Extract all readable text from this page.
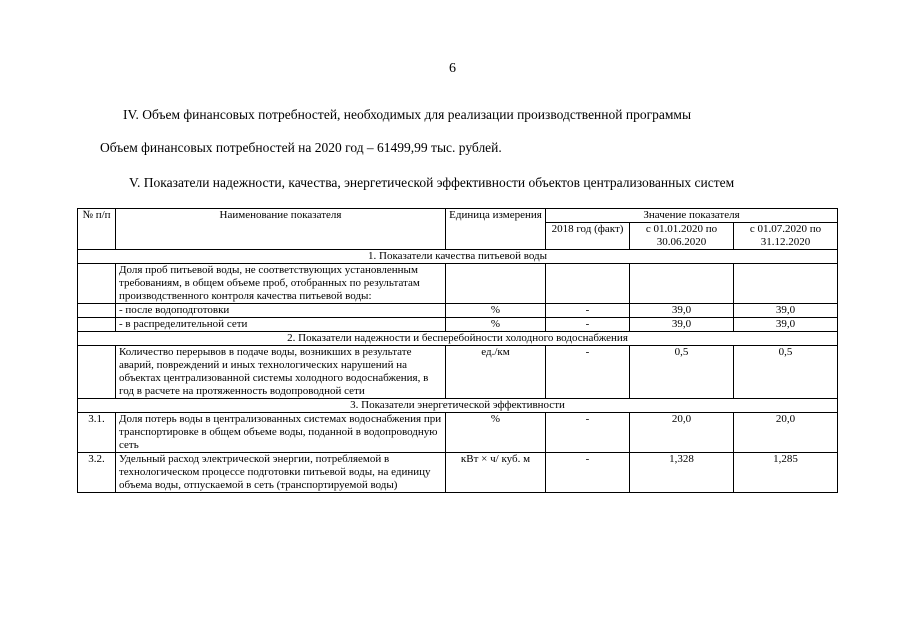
6
IV. Объем финансовых потребностей, необходимых для реализации производственной программы
Объем финансовых потребностей на 2020 год – 61499,99 тыс. рублей.
V. Показатели надежности, качества, энергетической эффективности объектов централизованных систем
№ п/п	Наименование показателя	Единица измерения	Значение показателя		
			2018 год (факт)	с 01.01.2020 по 30.06.2020	с 01.07.2020 по 31.12.2020
1. Показатели качества питьевой воды					
	Доля проб питьевой воды, не соответствующих установленным требованиям, в общем объеме проб, отобранных по результатам производственного контроля качества питьевой воды:				
	- после водоподготовки	%	-	39,0	39,0
	- в распределительной сети	%	-	39,0	39,0
2. Показатели надежности и бесперебойности холодного водоснабжения					
	Количество перерывов в подаче воды, возникших в результате аварий, повреждений и иных технологических нарушений на объектах централизованной системы холодного водоснабжения, в год в расчете на протяженность водопроводной сети	ед./км	-	0,5	0,5
3. Показатели энергетической эффективности					
3.1.	Доля потерь воды в централизованных системах водоснабжения при транспортировке в общем объеме воды, поданной в водопроводную сеть	%	-	20,0	20,0
3.2.	Удельный расход электрической энергии, потребляемой в технологическом процессе подготовки питьевой воды, на единицу объема воды, отпускаемой в сеть (транспортируемой воды)	кВт × ч/ куб. м	-	1,328	1,285
